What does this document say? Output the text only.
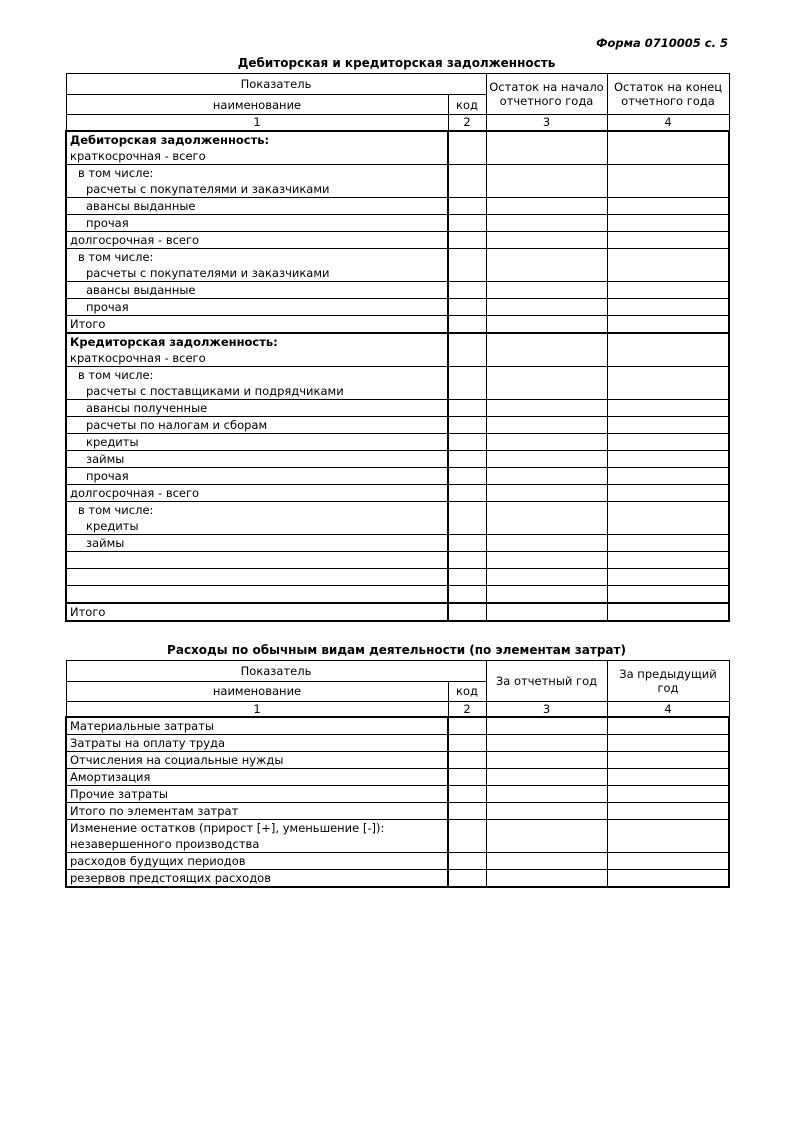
Форма 0710005 с. 5
Дебиторская и кредиторская задолженность
Показатель		Остаток на начало отчетного года	Остаток на конец отчетного года
наименование	код		
1	2	3	4

Дебиторская задолженность:
краткосрочная - всего			

в том числе:
расчеты с покупателями и заказчиками			

авансы выданные			

прочая			

долгосрочная - всего			

в том числе:
расчеты с покупателями и заказчиками			

авансы выданные			

прочая			

Итого			

Кредиторская задолженность:
краткосрочная - всего			

в том числе:
расчеты с поставщиками и подрядчиками			

авансы полученные			

расчеты по налогам и сборам			

кредиты			

займы			

прочая			

долгосрочная - всего			

в том числе:
кредиты			

займы			

Итого			

Расходы по обычным видам деятельности (по элементам затрат)
Показатель		За отчетный год	За предыдущий год
наименование	код		
1	2	3	4

Материальные затраты			

Затраты на оплату труда			

Отчисления на социальные нужды			

Амортизация			

Прочие затраты			

Итого по элементам затрат			

Изменение остатков (прирост [+], уменьшение [-]):
незавершенного производства			

расходов будущих периодов			

резервов предстоящих расходов			
